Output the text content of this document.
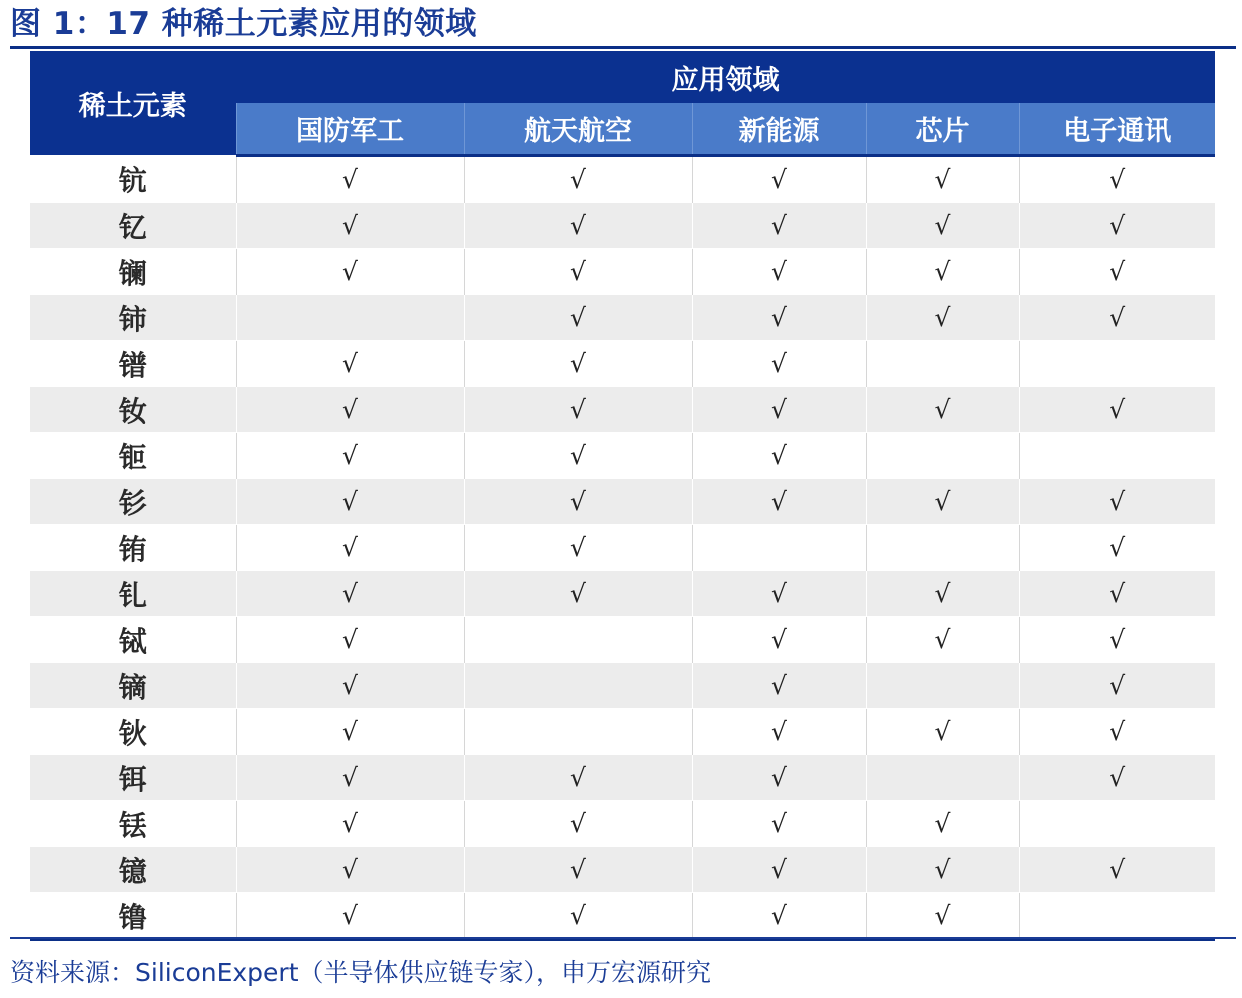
图 1：17 种稀土元素应用的领域
稀土元素	应用领域				
	国防军工	航天航空	新能源	芯片	电子通讯
钪	√	√	√	√	√
钇	√	√	√	√	√
镧	√	√	√	√	√
铈		√	√	√	√
镨	√	√	√		
钕	√	√	√	√	√
钷	√	√	√		
钐	√	√	√	√	√
铕	√	√			√
钆	√	√	√	√	√
铽	√		√	√	√
镝	√		√		√
钬	√		√	√	√
铒	√	√	√		√
铥	√	√	√	√	
镱	√	√	√	√	√
镥	√	√	√	√	
资料来源：SiliconExpert（半导体供应链专家），申万宏源研究
